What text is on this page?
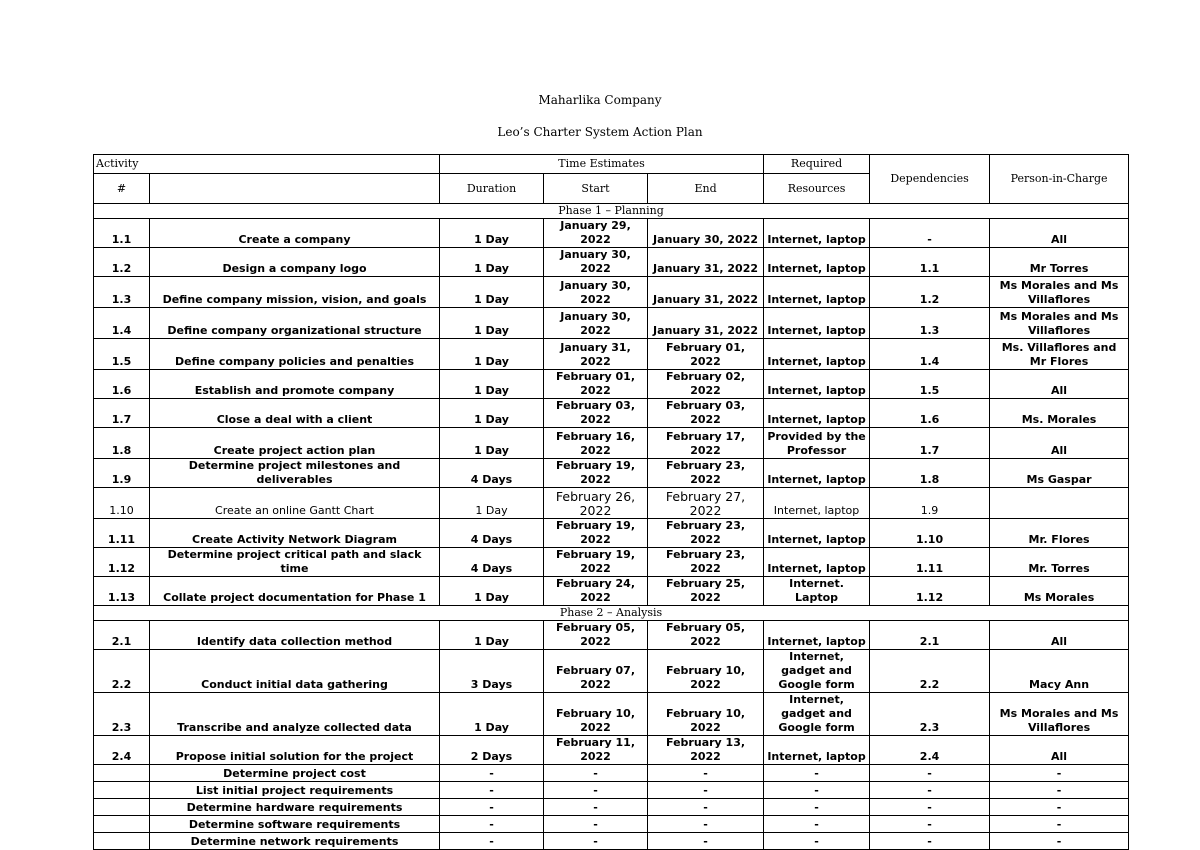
Maharlika Company
Leo’s Charter System Action Plan
Activity		Time Estimates			Required	Dependencies	Person-in-Charge
#		Duration	Start	End	Resources		
Phase 1 – Planning							
1.1	Create a company	1 Day	January 29, 2022	January 30, 2022	Internet, laptop	-	All
1.2	Design a company logo	1 Day	January 30, 2022	January 31, 2022	Internet, laptop	1.1	Mr Torres
1.3	Define company mission, vision, and goals	1 Day	January 30, 2022	January 31, 2022	Internet, laptop	1.2	Ms Morales and Ms Villaflores
1.4	Define company organizational structure	1 Day	January 30, 2022	January 31, 2022	Internet, laptop	1.3	Ms Morales and Ms Villaflores
1.5	Define company policies and penalties	1 Day	January 31, 2022	February 01, 2022	Internet, laptop	1.4	Ms. Villaflores and Mr Flores
1.6	Establish and promote company	1 Day	February 01, 2022	February 02, 2022	Internet, laptop	1.5	All
1.7	Close a deal with a client	1 Day	February 03, 2022	February 03, 2022	Internet, laptop	1.6	Ms. Morales
1.8	Create project action plan	1 Day	February 16, 2022	February 17, 2022	Provided by the Professor	1.7	All
1.9	Determine project milestones and deliverables	4 Days	February 19, 2022	February 23, 2022	Internet, laptop	1.8	Ms Gaspar
1.10	Create an online Gantt Chart	1 Day	February 26, 2022	February 27, 2022	Internet, laptop	1.9	
1.11	Create Activity Network Diagram	4 Days	February 19, 2022	February 23, 2022	Internet, laptop	1.10	Mr. Flores
1.12	Determine project critical path and slack time	4 Days	February 19, 2022	February 23, 2022	Internet, laptop	1.11	Mr. Torres
1.13	Collate project documentation for Phase 1	1 Day	February 24, 2022	February 25, 2022	Internet. Laptop	1.12	Ms Morales
Phase 2 – Analysis							
2.1	Identify data collection method	1 Day	February 05, 2022	February 05, 2022	Internet, laptop	2.1	All
2.2	Conduct initial data gathering	3 Days	February 07, 2022	February 10, 2022	Internet, gadget and Google form	2.2	Macy Ann
2.3	Transcribe and analyze collected data	1 Day	February 10, 2022	February 10, 2022	Internet, gadget and Google form	2.3	Ms Morales and Ms Villaflores
2.4	Propose initial solution for the project	2 Days	February 11, 2022	February 13, 2022	Internet, laptop	2.4	All
	Determine project cost	-	-	-	-	-	-
	List initial project requirements	-	-	-	-	-	-
	Determine hardware requirements	-	-	-	-	-	-
	Determine software requirements	-	-	-	-	-	-
	Determine network requirements	-	-	-	-	-	-
